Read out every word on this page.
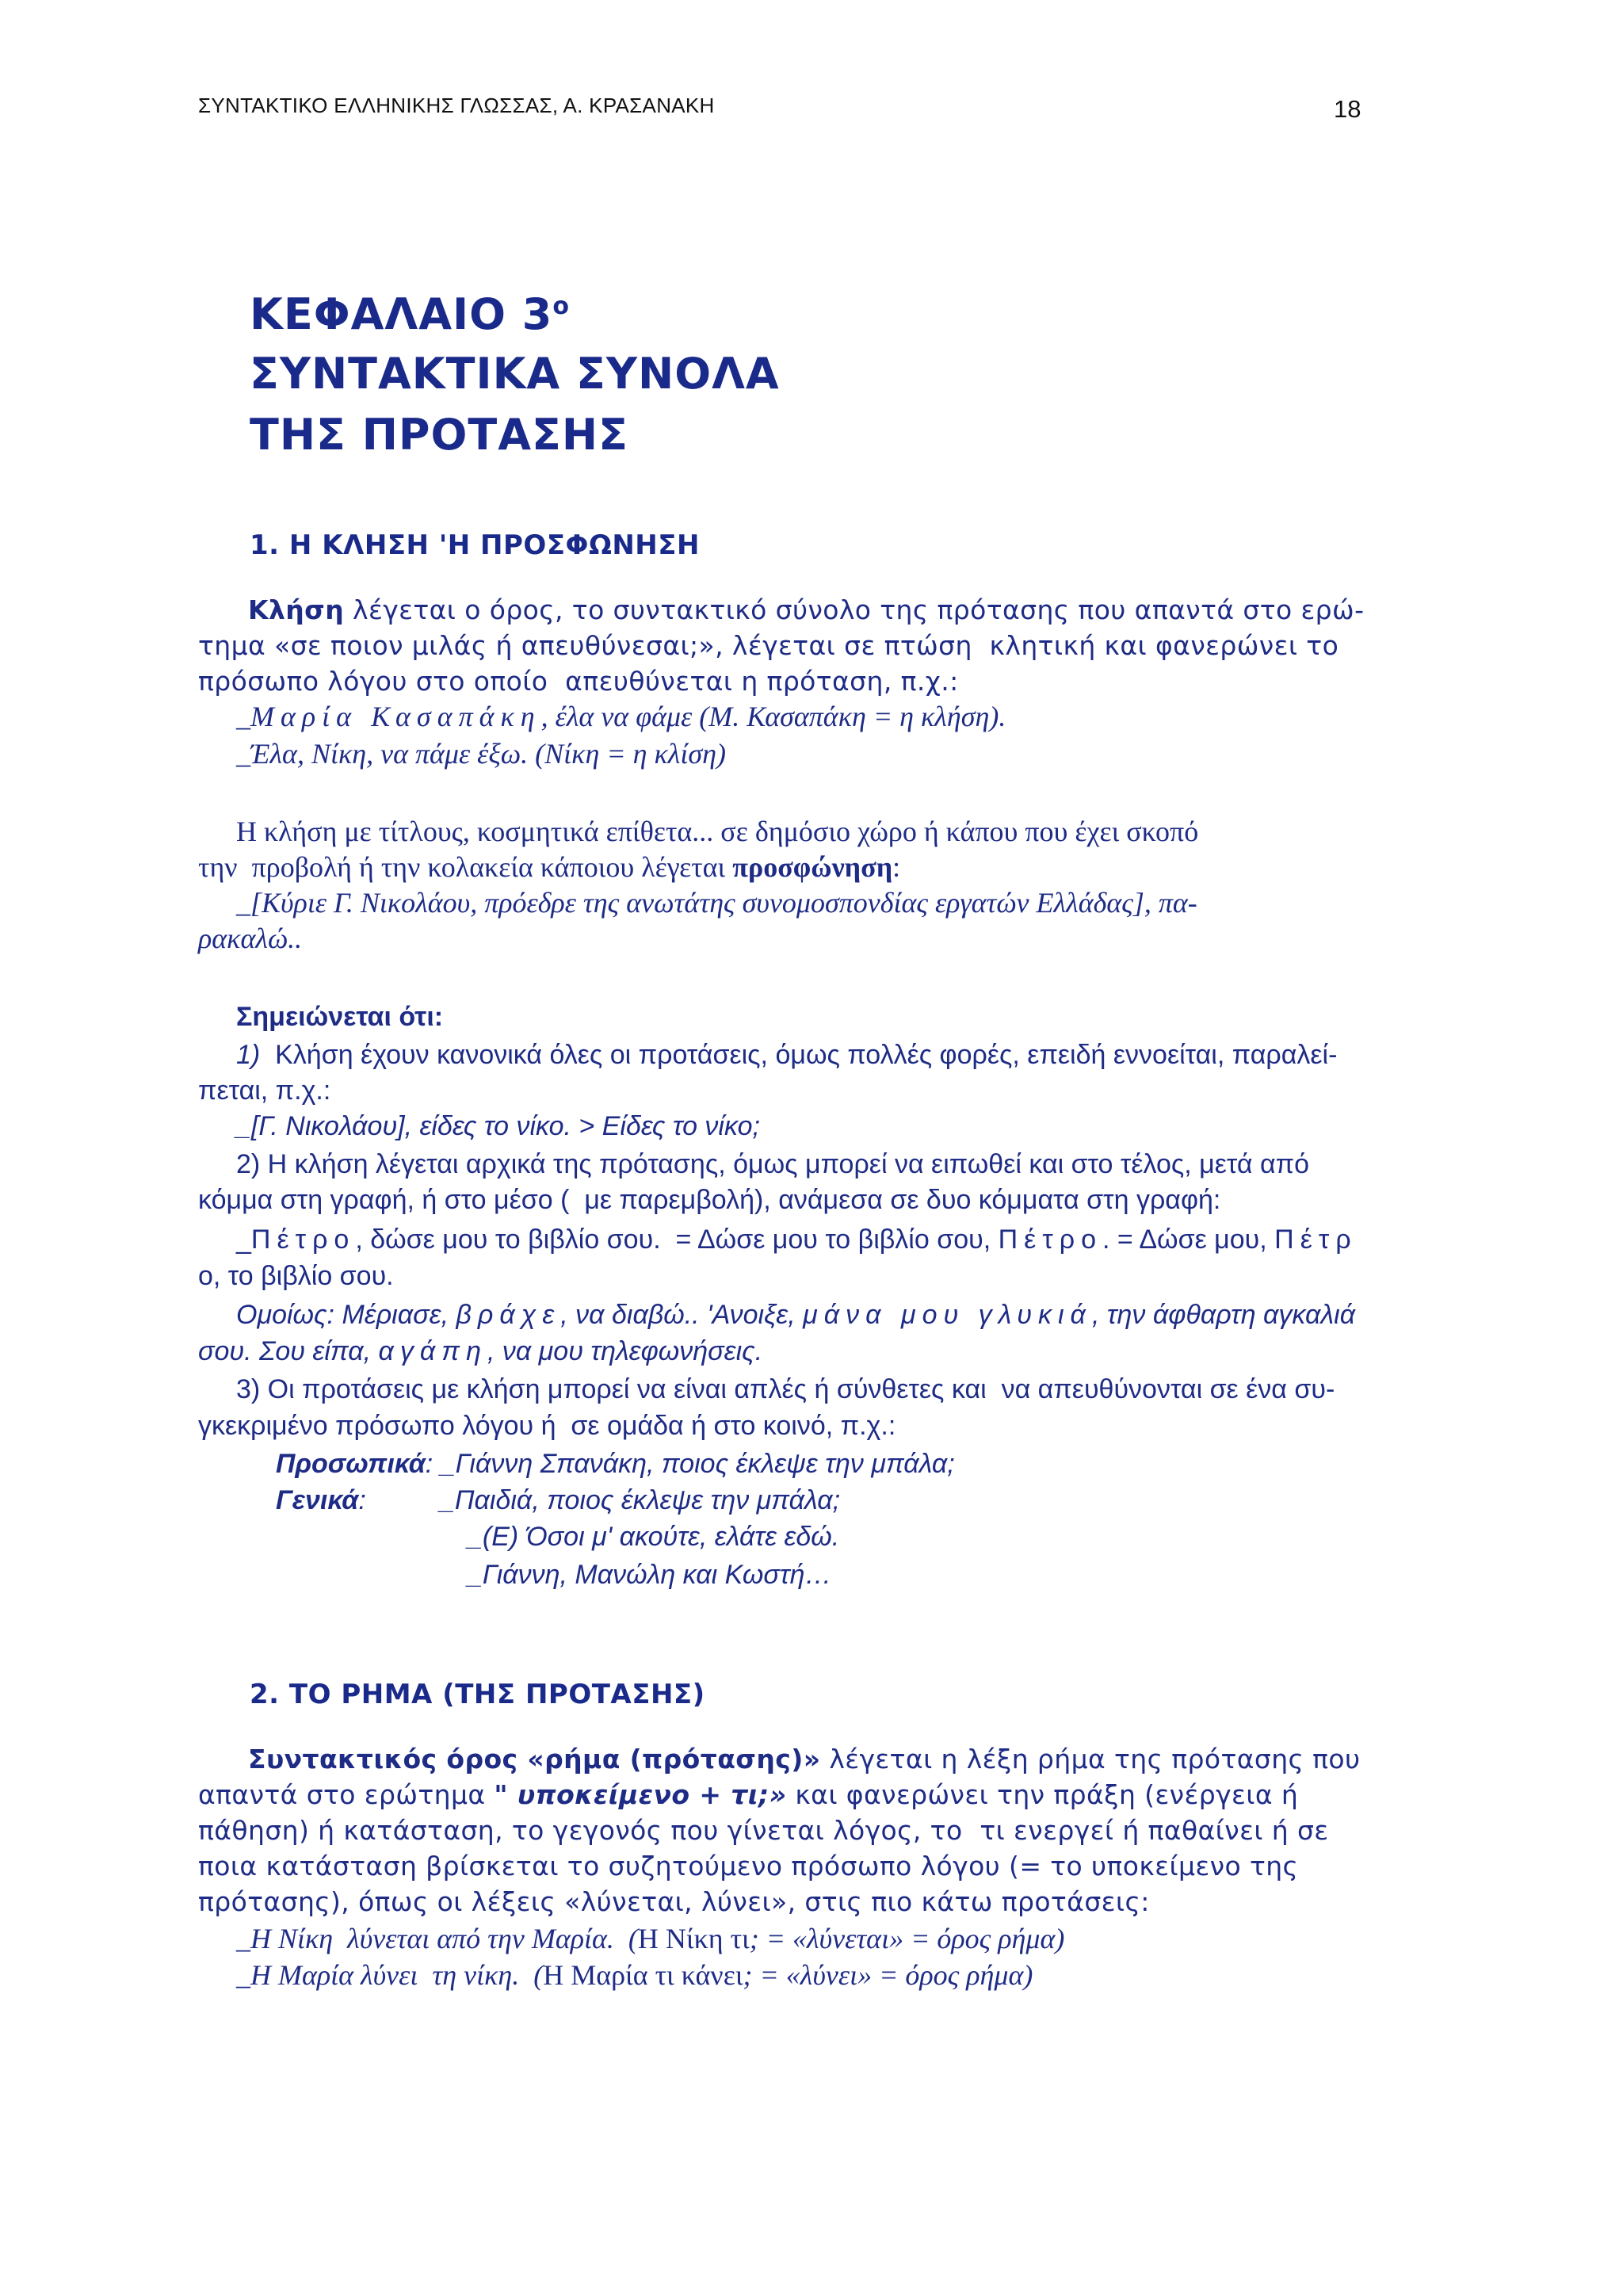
ΣΥΝΤΑΚΤΙΚΟ ΕΛΛΗΝΙΚΗΣ ΓΛΩΣΣΑΣ, Α. ΚΡΑΣΑΝΑΚΗ	18
ΚΕΦΑΛΑΙΟ $3^o$
ΣΥΝΤΑΚΤΙΚΑ ΣΥΝΟΛΑ
ΤΗΣ ΠΡΟΤΑΣΗΣ
1. Η ΚΛΗΣΗ 'Η ΠΡΟΣΦΩΝΗΣΗ
Κλήση λέγεται ο όρος, το συντακτικό σύνολο της πρότασης που απαντά στο ερώ-
τημα «σε ποιον μιλάς ή απευθύνεσαι;», λέγεται σε πτώση  κλητική και φανερώνει το
πρόσωπο λόγου στο οποίο  απευθύνεται η πρόταση, π.χ.:
_Μαρία Κασαπάκη, έλα να φάμε (Μ. Κασαπάκη = η κλήση).
_Έλα, Νίκη, να πάμε έξω. (Νίκη = η κλίση)
Η κλήση με τίτλους, κοσμητικά επίθετα... σε δημόσιο χώρο ή κάπου που έχει σκοπό
την  προβολή ή την κολακεία κάποιου λέγεται προσφώνηση:
_[Κύριε Γ. Νικολάου, πρόεδρε της ανωτάτης συνομοσπονδίας εργατών Ελλάδας], πα-
ρακαλώ..
Σημειώνεται ότι:
1)  Κλήση έχουν κανονικά όλες οι προτάσεις, όμως πολλές φορές, επειδή εννοείται, παραλεί-
πεται, π.χ.:
_[Γ. Νικολάου], είδες το νίκο. > Είδες το νίκο;
2) Η κλήση λέγεται αρχικά της πρότασης, όμως μπορεί να ειπωθεί και στο τέλος, μετά από
κόμμα στη γραφή, ή στο μέσο (  με παρεμβολή), ανάμεσα σε δυο κόμματα στη γραφή:
_Πέτρο, δώσε μου το βιβλίο σου.  = Δώσε μου το βιβλίο σου, Πέτρο. = Δώσε μου, Πέτρ
ο, το βιβλίο σου.
Ομοίως: Μέριασε, βράχε, να διαβώ.. 'Ανοιξε, μάνα μου γλυκιά, την άφθαρτη αγκαλιά
σου. Σου είπα, αγάπη, να μου τηλεφωνήσεις.
3) Οι προτάσεις με κλήση μπορεί να είναι απλές ή σύνθετες και  να απευθύνονται σε ένα συ-
γκεκριμένο πρόσωπο λόγου ή  σε ομάδα ή στο κοινό, π.χ.:
Προσωπικά: _Γιάννη Σπανάκη, ποιος έκλεψε την μπάλα;
Γενικά:	_Παιδιά, ποιος έκλεψε την μπάλα;
_(Ε) Όσοι μ' ακούτε, ελάτε εδώ.
_Γιάννη, Μανώλη και Κωστή…
2. ΤΟ ΡΗΜΑ (ΤΗΣ ΠΡΟΤΑΣΗΣ)
Συντακτικός όρος «ρήμα (πρότασης)» λέγεται η λέξη ρήμα της πρότασης που
απαντά στο ερώτημα " υποκείμενο + τι;» και φανερώνει την πράξη (ενέργεια ή
πάθηση) ή κατάσταση, το γεγονός που γίνεται λόγος, το  τι ενεργεί ή παθαίνει ή σε
ποια κατάσταση βρίσκεται το συζητούμενο πρόσωπο λόγου (= το υποκείμενο της
πρότασης), όπως οι λέξεις «λύνεται, λύνει», στις πιο κάτω προτάσεις:
_Η Νίκη  λύνεται από την Μαρία.  (Η Νίκη τι; = «λύνεται» = όρος ρήμα)
_Η Μαρία λύνει  τη νίκη.  (Η Μαρία τι κάνει; = «λύνει» = όρος ρήμα)
